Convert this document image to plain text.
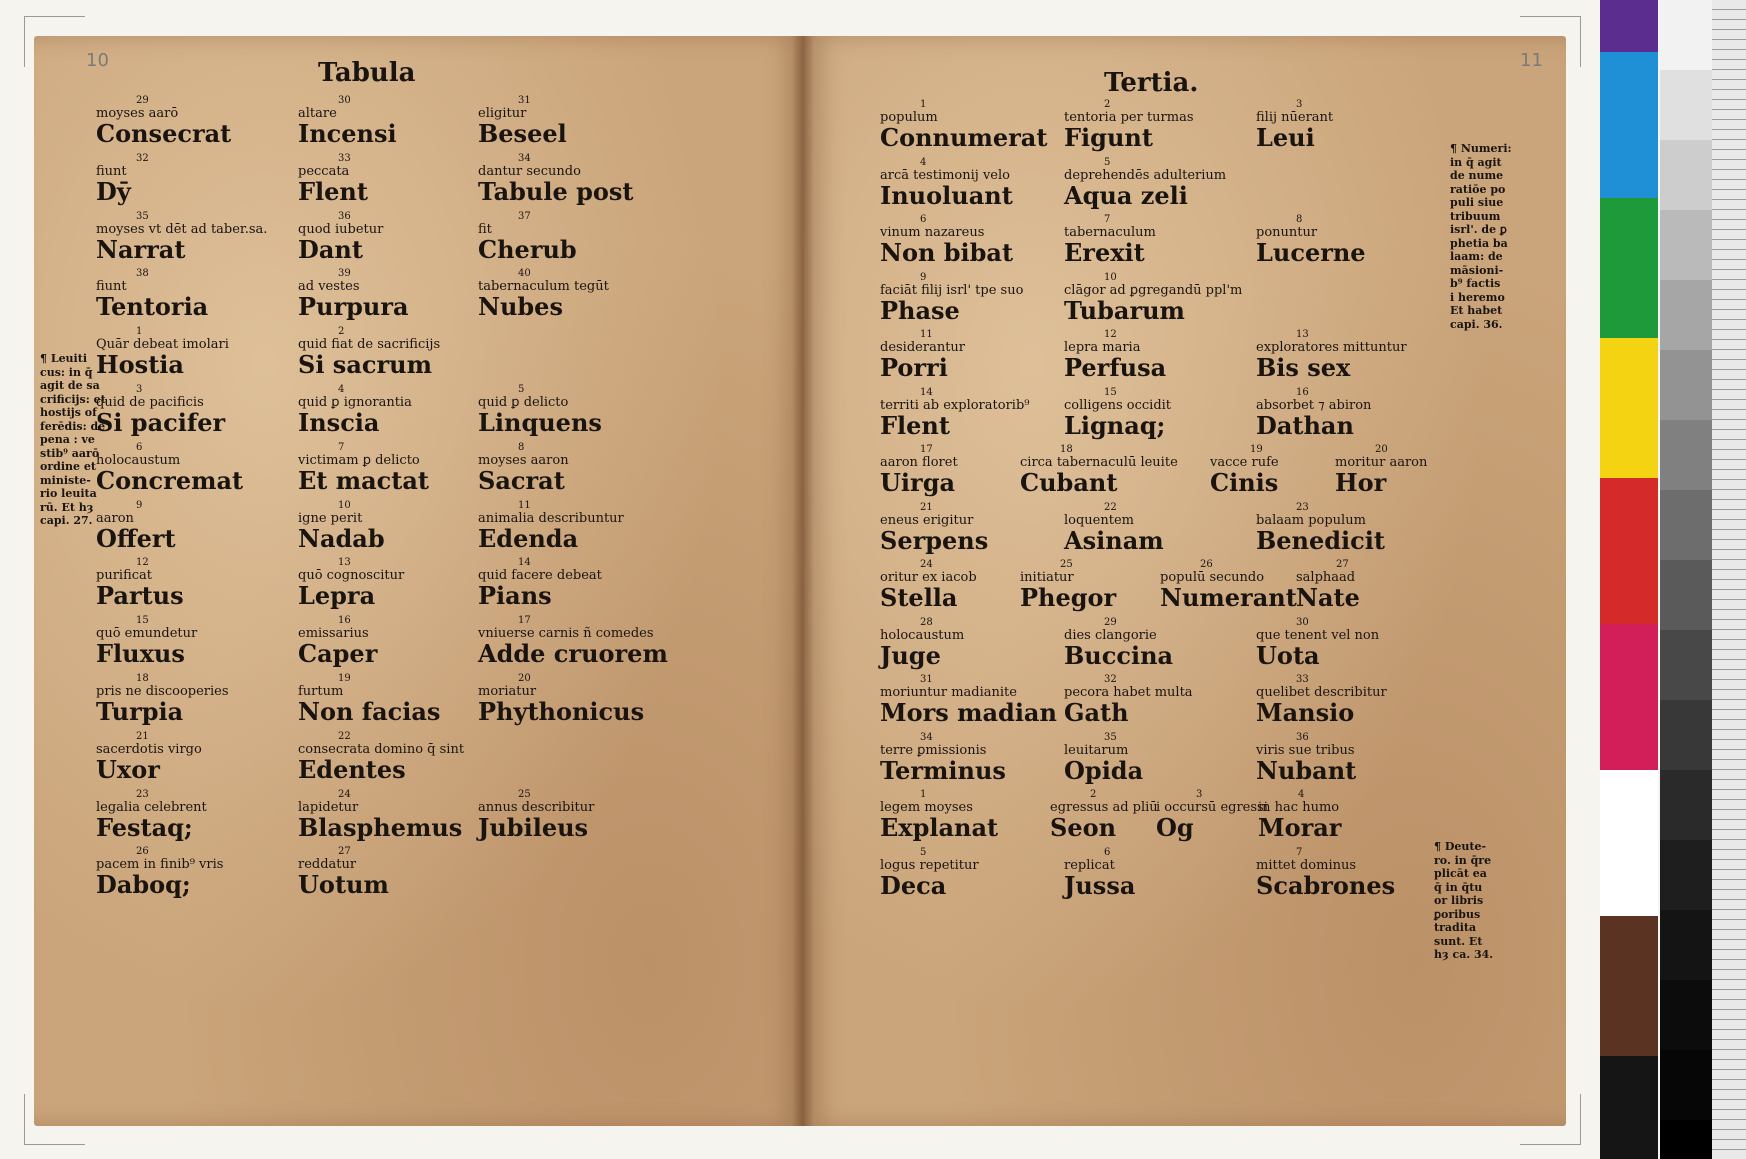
10	11
Tabula	Tertia.
29
moyses aarō
Consecrat
30
altare
Incensi
31
eligitur
Beseel
32
fiunt
Dȳ
33
peccata
Flent
34
dantur secundo
Tabule post
35
moyses vt dēt ad taber.sa.
Narrat
36
quod iubetur
Dant
37
fit
Cherub
38
fiunt
Tentoria
39
ad vestes
Purpura
40
tabernaculum tegūt
Nubes
1
Quār debeat imolari
Hostia
2
quid fiat de sacrificijs
Si sacrum
3
quid de pacificis
Si pacifer
4
quid ꝑ ignorantia
Inscia
5
quid ꝑ delicto
Linquens
6
holocaustum
Concremat
7
victimam ꝑ delicto
Et mactat
8
moyses aaron
Sacrat
9
aaron
Offert
10
igne perit
Nadab
11
animalia describuntur
Edenda
12
purificat
Partus
13
quō cognoscitur
Lepra
14
quid facere debeat
Pians
15
quō emundetur
Fluxus
16
emissarius
Caper
17
vniuerse carnis ñ comedes
Adde cruorem
18
pris ne discooperies
Turpia
19
furtum
Non facias
20
moriatur
Phythonicus
21
sacerdotis virgo
Uxor
22
consecrata domino q̄ sint
Edentes
23
legalia celebrent
Festaq;
24
lapidetur
Blasphemus
25
annus describitur
Jubileus
26
pacem in finib⁹ vris
Daboq;
27
reddatur
Uotum
1
populum
Connumerat
2
tentoria per turmas
Figunt
3
filij nūerant
Leui
4
arcā testimonij velo
Inuoluant
5
deprehendēs adulterium
Aqua zeli
6
vinum nazareus
Non bibat
7
tabernaculum
Erexit
8
ponuntur
Lucerne
9
faciāt filij isrl' tpe suo
Phase
10
clāgor ad ꝑgregandū ppl'm
Tubarum
11
desiderantur
Porri
12
lepra maria
Perfusa
13
exploratores mittuntur
Bis sex
14
territi ab exploratorib⁹
Flent
15
colligens occidit
Lignaq;
16
absorbet ⁊ abiron
Dathan
17
aaron floret
Uirga
18
circa tabernaculū leuite
Cubant
19
vacce rufe
Cinis
20
moritur aaron
Hor
21
eneus erigitur
Serpens
22
loquentem
Asinam
23
balaam populum
Benedicit
24
oritur ex iacob
Stella
25
initiatur
Phegor
26
populū secundo
Numerant
27
salphaad
Nate
28
holocaustum
Juge
29
dies clangorie
Buccina
30
que tenent vel non
Uota
31
moriuntur madianite
Mors madian
32
pecora habet multa
Gath
33
quelibet describitur
Mansio
34
terre ꝑmissionis
Terminus
35
leuitarum
Opida
36
viris sue tribus
Nubant
1
legem moyses
Explanat
2
egressus ad pliū
Seon
3
i occursū egressi
Og
4
in hac humo
Morar
5
logus repetitur
Deca
6
replicat
Jussa
7
mittet dominus
Scabrones
¶ Leuiti
cus: in q̄
agit de sa
crificijs: et
hostijs of
ferēdis: de
pena : ve
stib⁹ aarō
ordine et
ministe-
rio leuita
rū. Et hȝ
capi. 27.
¶ Numeri:
in q̄ agit
de nume
ratiōe po
puli siue
tribuum
isrl'. de ꝑ
phetia ba
laam: de
māsioni-
b⁹ factis
i heremo
Et habet
capi. 36.
¶ Deute-
ro. in q̄re
plicāt ea
q̄ in q̄tu
or libris
ꝑoribus
tradita
sunt. Et
hȝ ca. 34.
